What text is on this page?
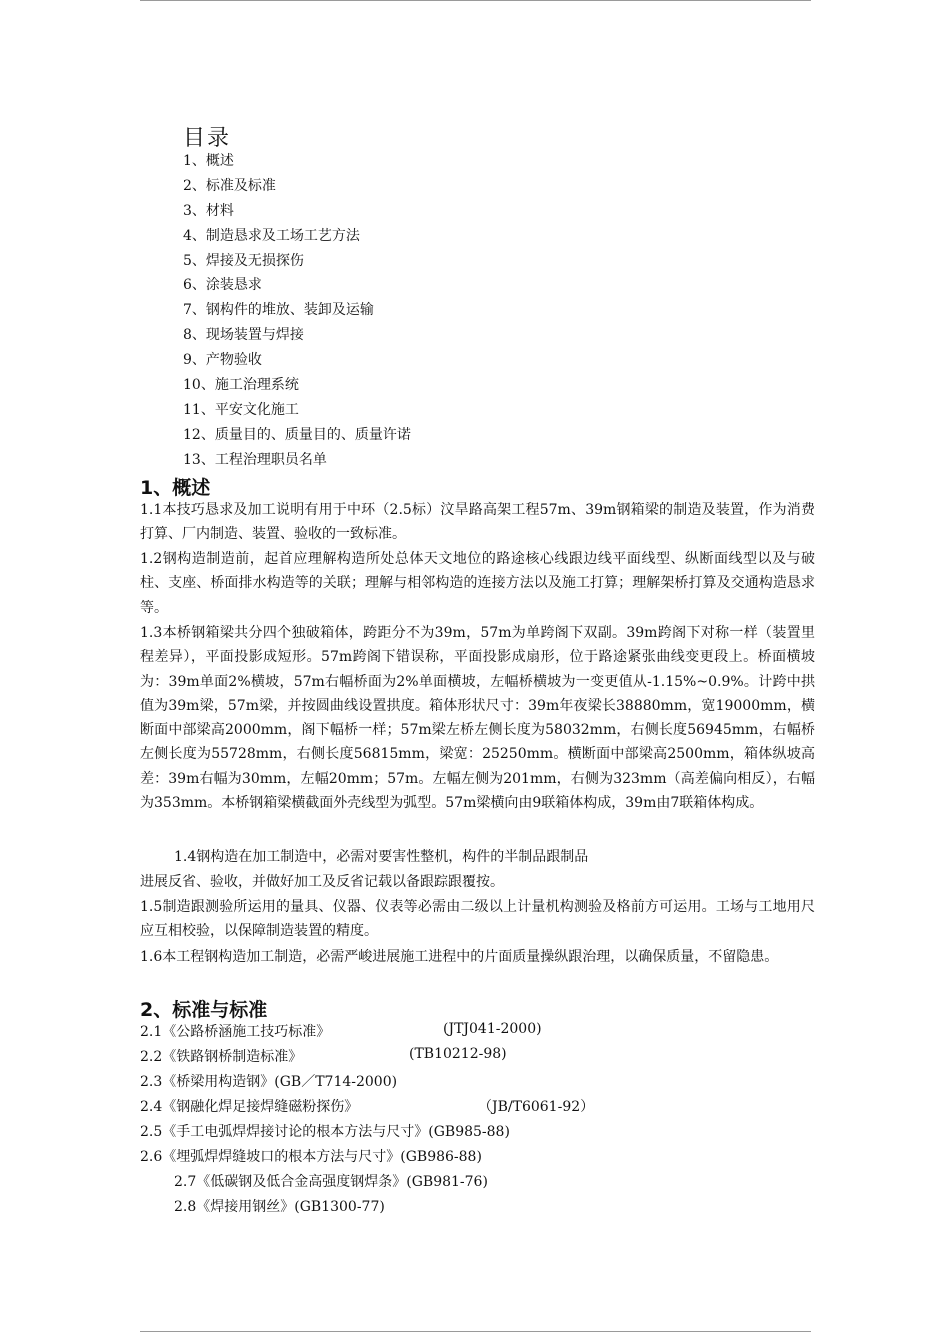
目录
1、概述
2、标准及标准
3、材料
4、制造恳求及工场工艺方法
5、焊接及无损探伤
6、涂装恳求
7、钢构件的堆放、装卸及运输
8、现场装置与焊接
9、产物验收
10、施工治理系统
11、平安文化施工
12、质量目的、质量目的、质量许诺
13、工程治理职员名单
1、概述
1.1本技巧恳求及加工说明有用于中环（2.5标）汶旱路高架工程57m、39m钢箱梁的制造及装置，作为消费打算、厂内制造、装置、验收的一致标准。
1.2钢构造制造前，起首应理解构造所处总体天文地位的路途核心线跟边线平面线型、纵断面线型以及与破柱、支座、桥面排水构造等的关联；理解与相邻构造的连接方法以及施工打算；理解架桥打算及交通构造恳求等。
1.3本桥钢箱梁共分四个独破箱体，跨距分不为39m，57m为单跨阁下双副。39m跨阁下对称一样（装置里程差异），平面投影成短形。57m跨阁下错误称，平面投影成扇形，位于路途紧张曲线变更段上。桥面横坡为：39m单面2%横坡，57m右幅桥面为2%单面横坡，左幅桥横坡为一变更值从-1.15%~0.9%。计跨中拱值为39m梁，57m梁，并按圆曲线设置拱度。箱体形状尺寸：39m年夜梁长38880mm，宽19000mm，横断面中部梁高2000mm，阁下幅桥一样；57m梁左桥左侧长度为58032mm，右侧长度56945mm，右幅桥左侧长度为55728mm，右侧长度56815mm，梁宽：25250mm。横断面中部梁高2500mm，箱体纵坡高差：39m右幅为30mm，左幅20mm；57m。左幅左侧为201mm，右侧为323mm（高差偏向相反），右幅为353mm。本桥钢箱梁横截面外壳线型为弧型。57m梁横向由9联箱体构成，39m由7联箱体构成。
1.4钢构造在加工制造中，必需对要害性整机，构件的半制品跟制品
进展反省、验收，并做好加工及反省记载以备跟踪跟覆按。
1.5制造跟测验所运用的量具、仪器、仪表等必需由二级以上计量机构测验及格前方可运用。工场与工地用尺应互相校验，以保障制造装置的精度。
1.6本工程钢构造加工制造，必需严峻进展施工进程中的片面质量操纵跟治理，以确保质量，不留隐患。
2、标准与标准
2.1《公路桥涵施工技巧标准》	(JTJ041-2000)
2.2《铁路钢桥制造标准》	(TB10212-98)
2.3《桥梁用构造钢》(GB／T714-2000)
2.4《钢融化焊足接焊缝磁粉探伤》	（JB/T6061-92）
2.5《手工电弧焊焊接讨论的根本方法与尺寸》(GB985-88)
2.6《埋弧焊焊缝坡口的根本方法与尺寸》(GB986-88)
2.7《低碳钢及低合金高强度钢焊条》(GB981-76)
2.8《焊接用钢丝》(GB1300-77)
